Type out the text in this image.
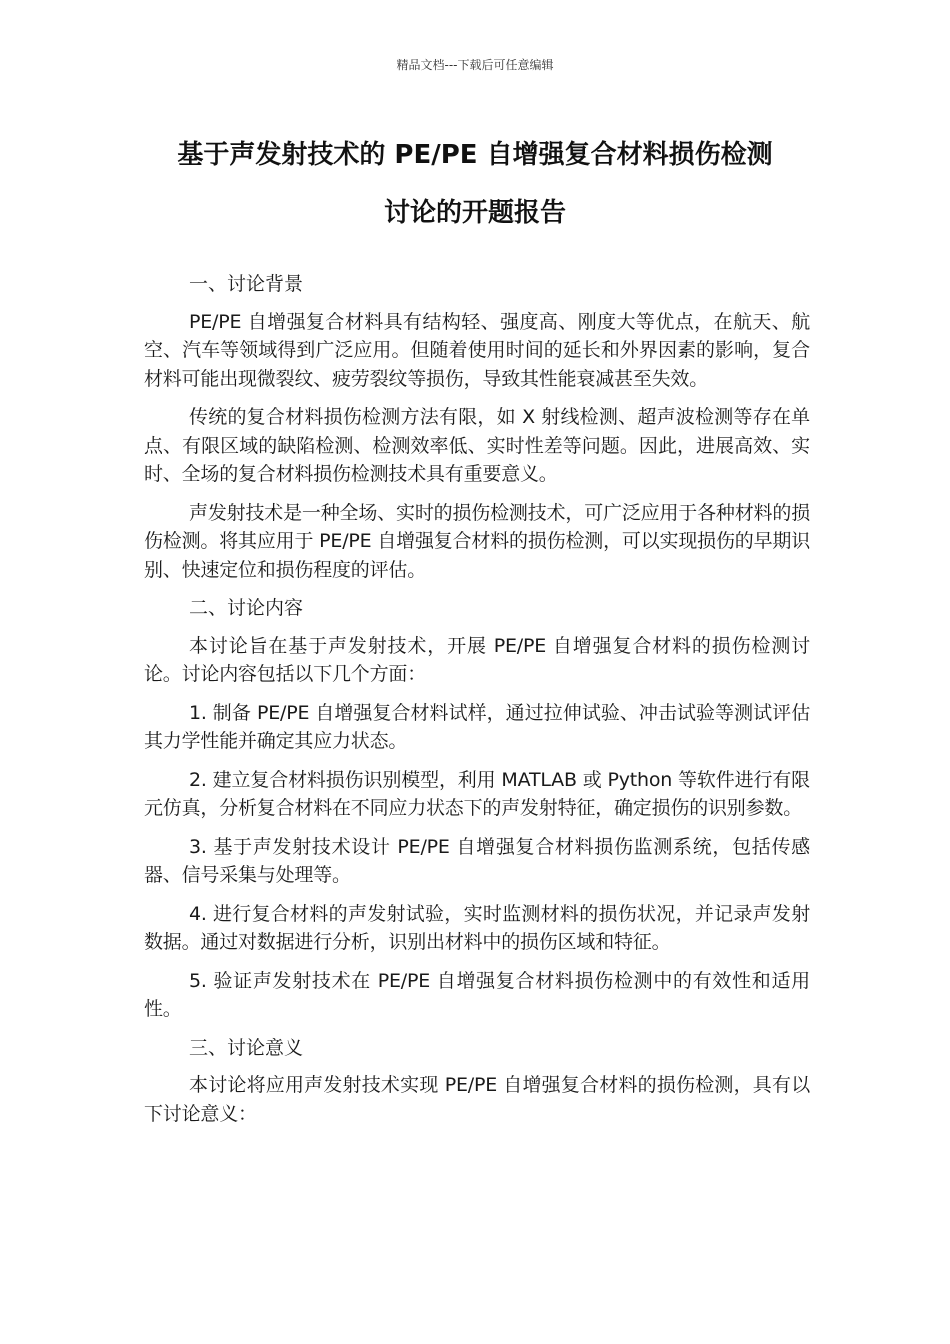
精品文档---下载后可任意编辑
基于声发射技术的 PE/PE 自增强复合材料损伤检测
讨论的开题报告

一、讨论背景

PE/PE 自增强复合材料具有结构轻、强度高、刚度大等优点，在航天、航空、汽车等领域得到广泛应用。但随着使用时间的延长和外界因素的影响，复合材料可能出现微裂纹、疲劳裂纹等损伤，导致其性能衰减甚至失效。

传统的复合材料损伤检测方法有限，如 X 射线检测、超声波检测等存在单点、有限区域的缺陷检测、检测效率低、实时性差等问题。因此，进展高效、实时、全场的复合材料损伤检测技术具有重要意义。

声发射技术是一种全场、实时的损伤检测技术，可广泛应用于各种材料的损伤检测。将其应用于 PE/PE 自增强复合材料的损伤检测，可以实现损伤的早期识别、快速定位和损伤程度的评估。

二、讨论内容

本讨论旨在基于声发射技术，开展 PE/PE 自增强复合材料的损伤检测讨论。讨论内容包括以下几个方面：

1. 制备 PE/PE 自增强复合材料试样，通过拉伸试验、冲击试验等测试评估其力学性能并确定其应力状态。

2. 建立复合材料损伤识别模型，利用 MATLAB 或 Python 等软件进行有限元仿真，分析复合材料在不同应力状态下的声发射特征，确定损伤的识别参数。

3. 基于声发射技术设计 PE/PE 自增强复合材料损伤监测系统，包括传感器、信号采集与处理等。

4. 进行复合材料的声发射试验，实时监测材料的损伤状况，并记录声发射数据。通过对数据进行分析，识别出材料中的损伤区域和特征。

5. 验证声发射技术在 PE/PE 自增强复合材料损伤检测中的有效性和适用性。

三、讨论意义

本讨论将应用声发射技术实现 PE/PE 自增强复合材料的损伤检测，具有以下讨论意义：
